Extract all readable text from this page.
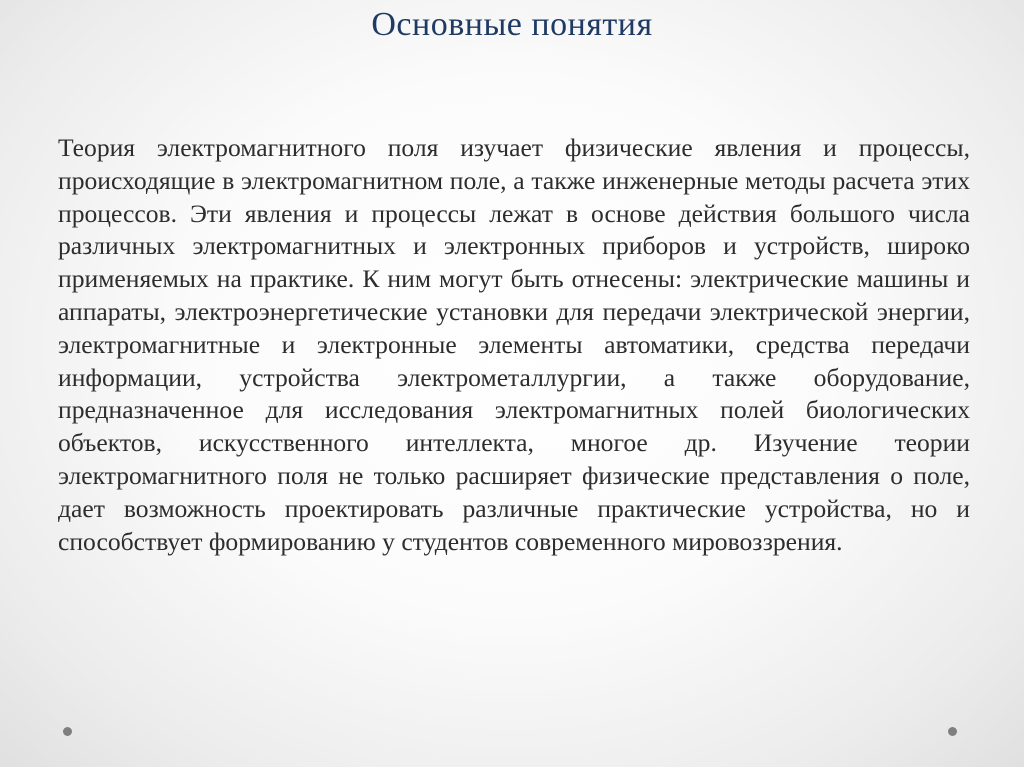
Основные понятия

Теория электромагнитного поля изучает физические явления и процессы, происходящие в электромагнитном поле, а также инженерные методы расчета этих процессов. Эти явления и процессы лежат в основе действия большого числа различных электромагнитных и электронных приборов и устройств, широко применяемых на практике. К ним могут быть отнесены: электрические машины и аппараты, электроэнергетические установки для передачи электрической энергии, электромагнитные и электронные элементы автоматики, средства передачи информации, устройства электрометаллургии, а также оборудование, предназначенное для исследования электромагнитных полей биологических объектов, искусственного интеллекта, многое др. Изучение теории электромагнитного поля не только расширяет физические представления о поле, дает возможность проектировать различные практические устройства, но и способствует формированию у студентов современного мировоззрения.
